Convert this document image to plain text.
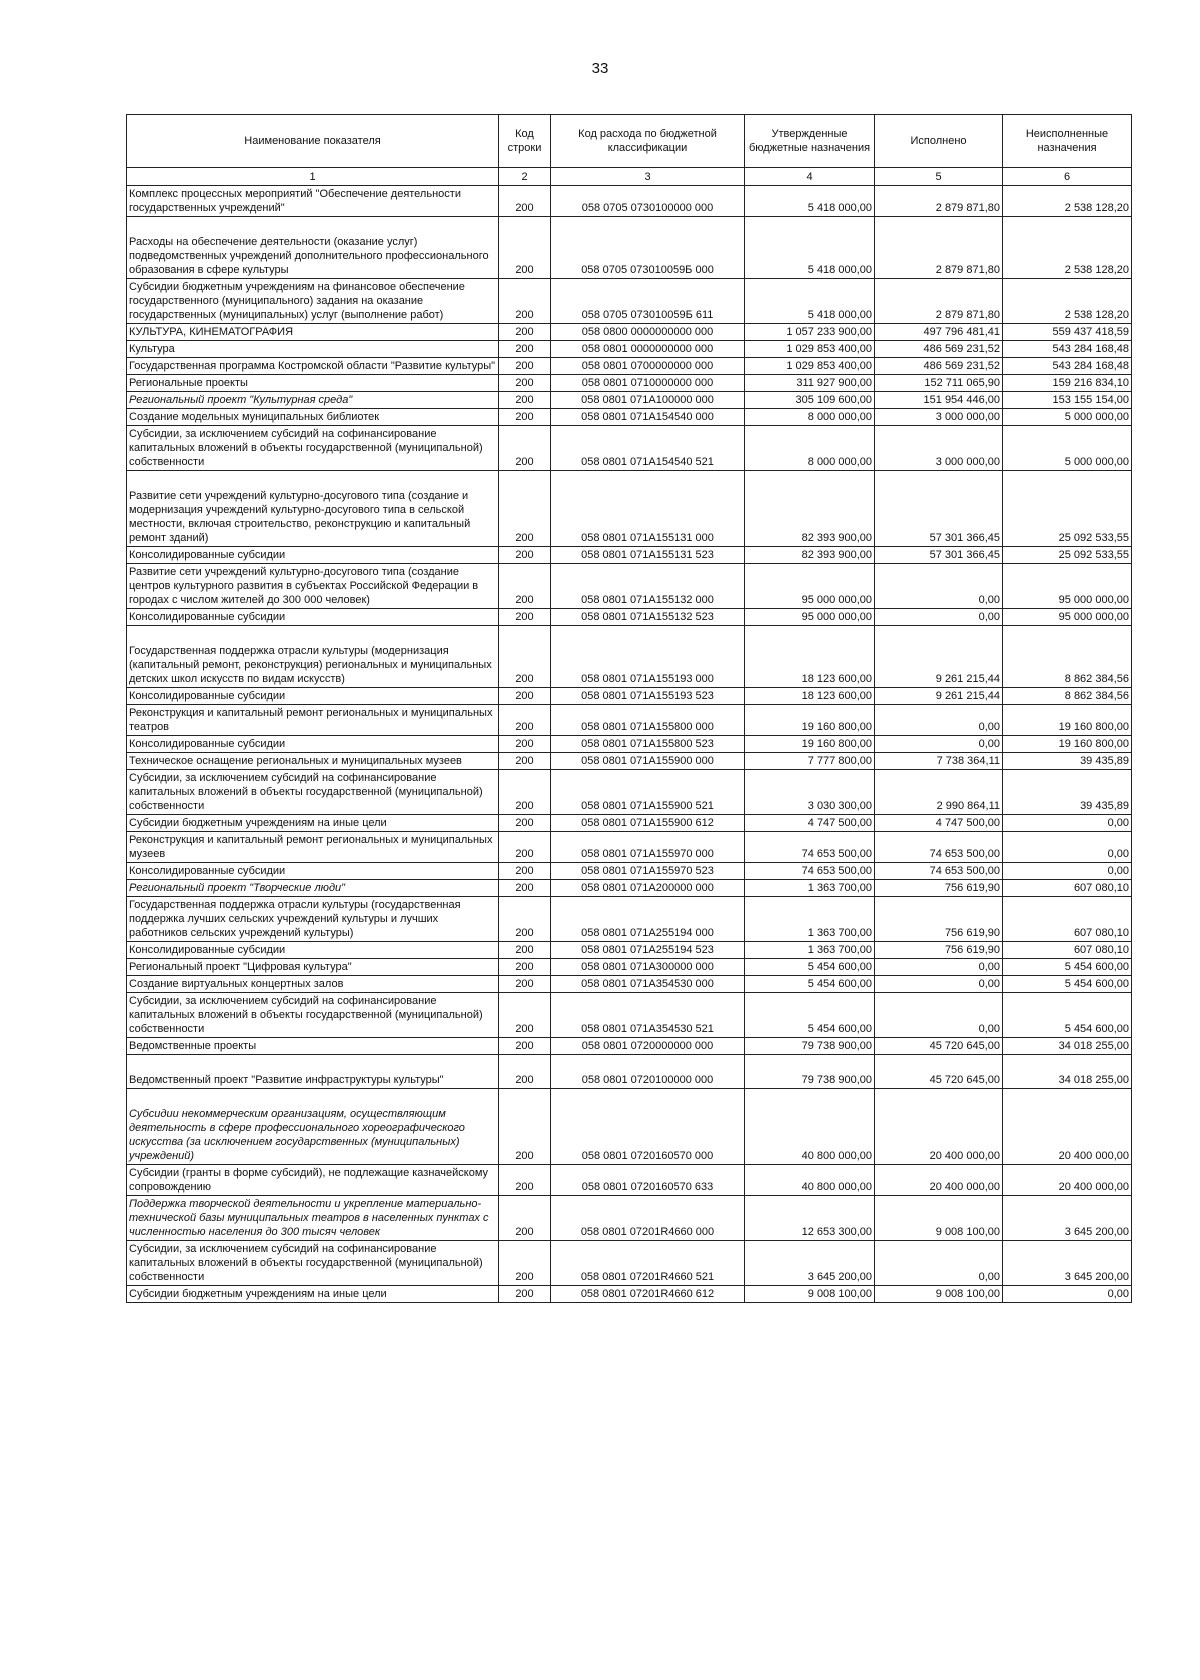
33
Наименование показателя	Код строки	Код расхода по бюджетной классификации	Утвержденные бюджетные назначения	Исполнено	Неисполненные назначения
1	2	3	4	5	6
Комплекс процессных мероприятий "Обеспечение деятельности государственных учреждений"	200	058 0705 0730100000 000	5 418 000,00	2 879 871,80	2 538 128,20
Расходы на обеспечение деятельности (оказание услуг) подведомственных учреждений дополнительного профессионального образования в сфере культуры	200	058 0705 073010059Б 000	5 418 000,00	2 879 871,80	2 538 128,20
Субсидии бюджетным учреждениям на финансовое обеспечение государственного (муниципального) задания на оказание государственных (муниципальных) услуг (выполнение работ)	200	058 0705 073010059Б 611	5 418 000,00	2 879 871,80	2 538 128,20
КУЛЬТУРА, КИНЕМАТОГРАФИЯ	200	058 0800 0000000000 000	1 057 233 900,00	497 796 481,41	559 437 418,59
Культура	200	058 0801 0000000000 000	1 029 853 400,00	486 569 231,52	543 284 168,48
Государственная программа Костромской области "Развитие культуры"	200	058 0801 0700000000 000	1 029 853 400,00	486 569 231,52	543 284 168,48
Региональные проекты	200	058 0801 0710000000 000	311 927 900,00	152 711 065,90	159 216 834,10
Региональный проект "Культурная среда"	200	058 0801 071А100000 000	305 109 600,00	151 954 446,00	153 155 154,00
Создание модельных муниципальных библиотек	200	058 0801 071А154540 000	8 000 000,00	3 000 000,00	5 000 000,00
Субсидии, за исключением субсидий на софинансирование капитальных вложений в объекты государственной (муниципальной) собственности	200	058 0801 071А154540 521	8 000 000,00	3 000 000,00	5 000 000,00
Развитие сети учреждений культурно-досугового типа (создание и модернизация учреждений культурно-досугового типа в сельской местности, включая строительство, реконструкцию и капитальный ремонт зданий)	200	058 0801 071А155131 000	82 393 900,00	57 301 366,45	25 092 533,55
Консолидированные субсидии	200	058 0801 071А155131 523	82 393 900,00	57 301 366,45	25 092 533,55
Развитие сети учреждений культурно-досугового типа (создание центров культурного развития в субъектах Российской Федерации в городах с числом жителей до 300 000 человек)	200	058 0801 071А155132 000	95 000 000,00	0,00	95 000 000,00
Консолидированные субсидии	200	058 0801 071А155132 523	95 000 000,00	0,00	95 000 000,00
Государственная поддержка отрасли культуры (модернизация (капитальный ремонт, реконструкция) региональных и муниципальных детских школ искусств по видам искусств)	200	058 0801 071А155193 000	18 123 600,00	9 261 215,44	8 862 384,56
Консолидированные субсидии	200	058 0801 071А155193 523	18 123 600,00	9 261 215,44	8 862 384,56
Реконструкция и капитальный ремонт региональных и муниципальных театров	200	058 0801 071А155800 000	19 160 800,00	0,00	19 160 800,00
Консолидированные субсидии	200	058 0801 071А155800 523	19 160 800,00	0,00	19 160 800,00
Техническое оснащение региональных и муниципальных музеев	200	058 0801 071А155900 000	7 777 800,00	7 738 364,11	39 435,89
Субсидии, за исключением субсидий на софинансирование капитальных вложений в объекты государственной (муниципальной) собственности	200	058 0801 071А155900 521	3 030 300,00	2 990 864,11	39 435,89
Субсидии бюджетным учреждениям на иные цели	200	058 0801 071А155900 612	4 747 500,00	4 747 500,00	0,00
Реконструкция и капитальный ремонт региональных и муниципальных музеев	200	058 0801 071А155970 000	74 653 500,00	74 653 500,00	0,00
Консолидированные субсидии	200	058 0801 071А155970 523	74 653 500,00	74 653 500,00	0,00
Региональный проект "Творческие люди"	200	058 0801 071А200000 000	1 363 700,00	756 619,90	607 080,10
Государственная поддержка отрасли культуры (государственная поддержка лучших сельских учреждений культуры и лучших работников сельских учреждений культуры)	200	058 0801 071А255194 000	1 363 700,00	756 619,90	607 080,10
Консолидированные субсидии	200	058 0801 071А255194 523	1 363 700,00	756 619,90	607 080,10
Региональный проект "Цифровая культура"	200	058 0801 071А300000 000	5 454 600,00	0,00	5 454 600,00
Создание виртуальных концертных залов	200	058 0801 071А354530 000	5 454 600,00	0,00	5 454 600,00
Субсидии, за исключением субсидий на софинансирование капитальных вложений в объекты государственной (муниципальной) собственности	200	058 0801 071А354530 521	5 454 600,00	0,00	5 454 600,00
Ведомственные проекты	200	058 0801 0720000000 000	79 738 900,00	45 720 645,00	34 018 255,00
Ведомственный проект "Развитие инфраструктуры культуры"	200	058 0801 0720100000 000	79 738 900,00	45 720 645,00	34 018 255,00
Субсидии некоммерческим организациям, осуществляющим деятельность в сфере профессионального хореографического искусства (за исключением государственных (муниципальных) учреждений)	200	058 0801 0720160570 000	40 800 000,00	20 400 000,00	20 400 000,00
Субсидии (гранты в форме субсидий), не подлежащие казначейскому сопровождению	200	058 0801 0720160570 633	40 800 000,00	20 400 000,00	20 400 000,00
Поддержка творческой деятельности и укрепление материально-технической базы муниципальных театров в населенных пунктах с численностью населения до 300 тысяч человек	200	058 0801 07201R4660 000	12 653 300,00	9 008 100,00	3 645 200,00
Субсидии, за исключением субсидий на софинансирование капитальных вложений в объекты государственной (муниципальной) собственности	200	058 0801 07201R4660 521	3 645 200,00	0,00	3 645 200,00
Субсидии бюджетным учреждениям на иные цели	200	058 0801 07201R4660 612	9 008 100,00	9 008 100,00	0,00
